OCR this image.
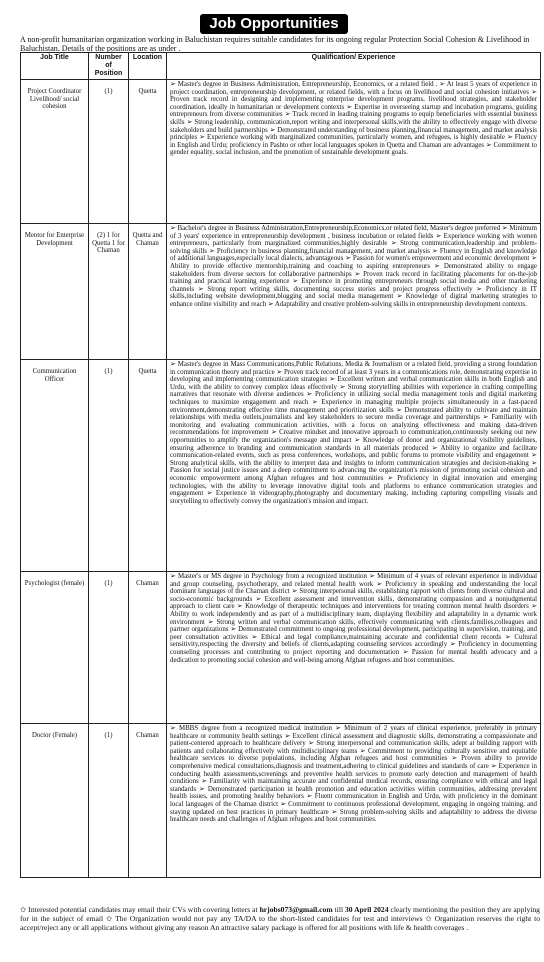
Job Opportunities
A non-profit humanitarian organization working in Baluchistan requires suitable candidates for its ongoing regular Protection Social Cohesion & Livelihood in Baluchistan. Details of the positions are as under .
Job Title	Number of Position	Location	Qualification/ Experience
Project Coordinator Livelihood/ social cohesion	(1)	Quetta	➢ Master's degree in Business Administration, Entrepreneurship, Economics, or a related field . ➢ At least 5 years of experience in project coordination, entrepreneurship development, or related fields, with a focus on livelihood and social cohesion initiatives ➢ Proven track record in designing and implementing enterprise development programs, livelihood strategies, and stakeholder coordination, ideally in humanitarian or development contexts ➢ Expertise in overseeing startup and incubation programs, guiding entrepreneurs from diverse communities ➢ Track record in leading training programs to equip beneficiaries with essential business skills ➢ Strong leadership, communication,report writing and interpersonal skills,with the ability to effectively engage with diverse stakeholders and build partnerships ➢ Demonstrated understanding of business planning,financial management, and market analysis principles ➢ Experience working with marginalized communities, particularly women, and refugees, is highly desirable ➢ Fluency in English and Urdu; proficiency in Pashto or other local languages spoken in Quetta and Chaman are advantages ➢ Commitment to gender equality, social inclusion, and the promotion of sustainable development goals.
Mentor for Enterprise Development	(2) 1 for Quetta 1 for Chaman	Quetta and Chaman	➢ Bachelor's degree in Business Administration,Entrepreneurship,Economics,or related field, Master's degree preferred ➢ Minimum of 3 years' experience in entrepreneurship development , business incubation or related fields ➢ Experience working with women entrepreneurs, particularly from marginalized communities,highly desirable ➢ Strong communication,leadership and problem-solving skills ➢ Proficiency in business planning,financial management, and market analysis ➢ Fluency in English and knowledge of additional languages,especially local dialects, advantageous ➢ Passion for women's empowerment and economic development ➢ Ability to provide effective mentorship,training and coaching to aspiring entrepreneurs ➢ Demonstrated ability to engage stakeholders from diverse sectors for collaborative partnerships ➢ Proven track record in facilitating placements for on-the-job training and practical learning experience ➢ Experience in promoting entrepreneurs through social media and other marketing channels ➢ Strong report writing skills, documenting success stories and project progress effectively ➢ Proficiency in IT skills,including website development,blogging and social media management ➢ Knowledge of digital marketing strategies to enhance online visibility and reach ➢ Adaptability and creative problem-solving skills in entrepreneurship development contexts.
Communication Officer	(1)	Quetta	➢ Master's degree in Mass Communications,Public Relations, Media & Journalism or a related field, providing a strong foundation in communication theory and practice ➢ Proven track record of at least 3 years in a communications role, demonstrating expertise in developing and implementing communication strategies ➢ Excellent written and verbal communication skills in both English and Urdu, with the ability to convey complex ideas effectively ➢ Strong storytelling abilities with experience in crafting compelling narratives that resonate with diverse audiences ➢ Proficiency in utilizing social media management tools and digital marketing techniques to maximize engagement and reach ➢ Experience in managing multiple projects simultaneously in a fast-paced environment,demonstrating effective time management and prioritization skills ➢ Demonstrated ability to cultivate and maintain relationships with media outlets,journalists and key stakeholders to secure media coverage and partnerships ➢ Familiarity with monitoring and evaluating communication activities, with a focus on analyzing effectiveness and making data-driven recommendations for improvement ➢ Creative mindset and innovative approach to communication,continuously seeking out new opportunities to amplify the organization's message and impact ➢ Knowledge of donor and organizational visibility guidelines, ensuring adherence to branding and communication standards in all materials produced ➢ Ability to organize and facilitate communication-related events, such as press conferences, workshops, and public forums to promote visibility and engagement ➢ Strong analytical skills, with the ability to interpret data and insights to inform communication strategies and decision-making ➢ Passion for social justice issues and a deep commitment to advancing the organization's mission of promoting social cohesion and economic empowerment among Afghan refugees and host communities ➢ Proficiency in digital innovation and emerging technologies, with the ability to leverage innovative digital tools and platforms to enhance communication strategies and engagement ➢ Experience in videography,photography and documentary making, including capturing compelling visuals and storytelling to effectively convey the organization's mission and impact.
Psychologist (female)	(1)	Chaman	➢ Master's or MS degree in Psychology from a recognized institution ➢ Minimum of 4 years of relevant experience in individual and group counseling, psychotherapy, and related mental health work ➢ Proficiency in speaking and understanding the local dominant languages of the Chaman district ➢ Strong interpersonal skills, establishing rapport with clients from diverse cultural and socio-economic backgrounds ➢ Excellent assessment and intervention skills, demonstrating compassion and a nonjudgmental approach to client care ➢ Knowledge of therapeutic techniques and interventions for treating common mental health disorders ➢ Ability to work independently and as part of a multidisciplinary team, displaying flexibility and adaptability in a dynamic work environment ➢ Strong written and verbal communication skills, effectively communicating with clients,families,colleagues and partner organizations ➢ Demonstrated commitment to ongoing professional development, participating in supervision, training, and peer consultation activities ➢ Ethical and legal compliance,maintaining accurate and confidential client records ➢ Cultural sensitivity,respecting the diversity and beliefs of clients,adapting counseling services accordingly ➢ Proficiency in documenting counseling processes and contributing to project reporting and documentation ➢ Passion for mental health advocacy and a dedication to promoting social cohesion and well-being among Afghan refugees and host communities.
Doctor (Female)	(1)	Chaman	➢ MBBS degree from a recognized medical institution ➢ Minimum of 2 years of clinical experience, preferably in primary healthcare or community health settings ➢ Excellent clinical assessment and diagnostic skills, demonstrating a compassionate and patient-centered approach to healthcare delivery ➢ Strong interpersonal and communication skills, adept at building rapport with patients and collaborating effectively with multidisciplinary teams ➢ Commitment to providing culturally sensitive and equitable healthcare services to diverse populations, including Afghan refugees and host communities ➢ Proven ability to provide comprehensive medical consultations,diagnosis and treatment,adhering to clinical guidelines and standards of care ➢ Experience in conducting health assessments,screenings and preventive health services to promote early detection and management of health conditions ➢ Familiarity with maintaining accurate and confidential medical records, ensuring compliance with ethical and legal standards ➢ Demonstrated participation in health promotion and education activities within communities, addressing prevalent health issues, and promoting healthy behaviors ➢ Fluent communication in English and Urdu, with proficiency in the dominant local languages of the Chaman district ➢ Commitment to continuous professional development, engaging in ongoing training, and staying updated on best practices in primary healthcare ➢ Strong problem-solving skills and adaptability to address the diverse healthcare needs and challenges of Afghan refugees and host communities.
✩ Interested potential candidates may email their CVs with covering letters at hrjobs073@gmail.com till 30 April 2024 clearly mentioning the position they are applying for in the subject of email ✩ The Organization would not pay any TA/DA to the short-listed candidates for test and interviews ✩ Organization reserves the right to accept/reject any or all applications without giving any reason An attractive salary package is offered for all positions with life & health coverages .
